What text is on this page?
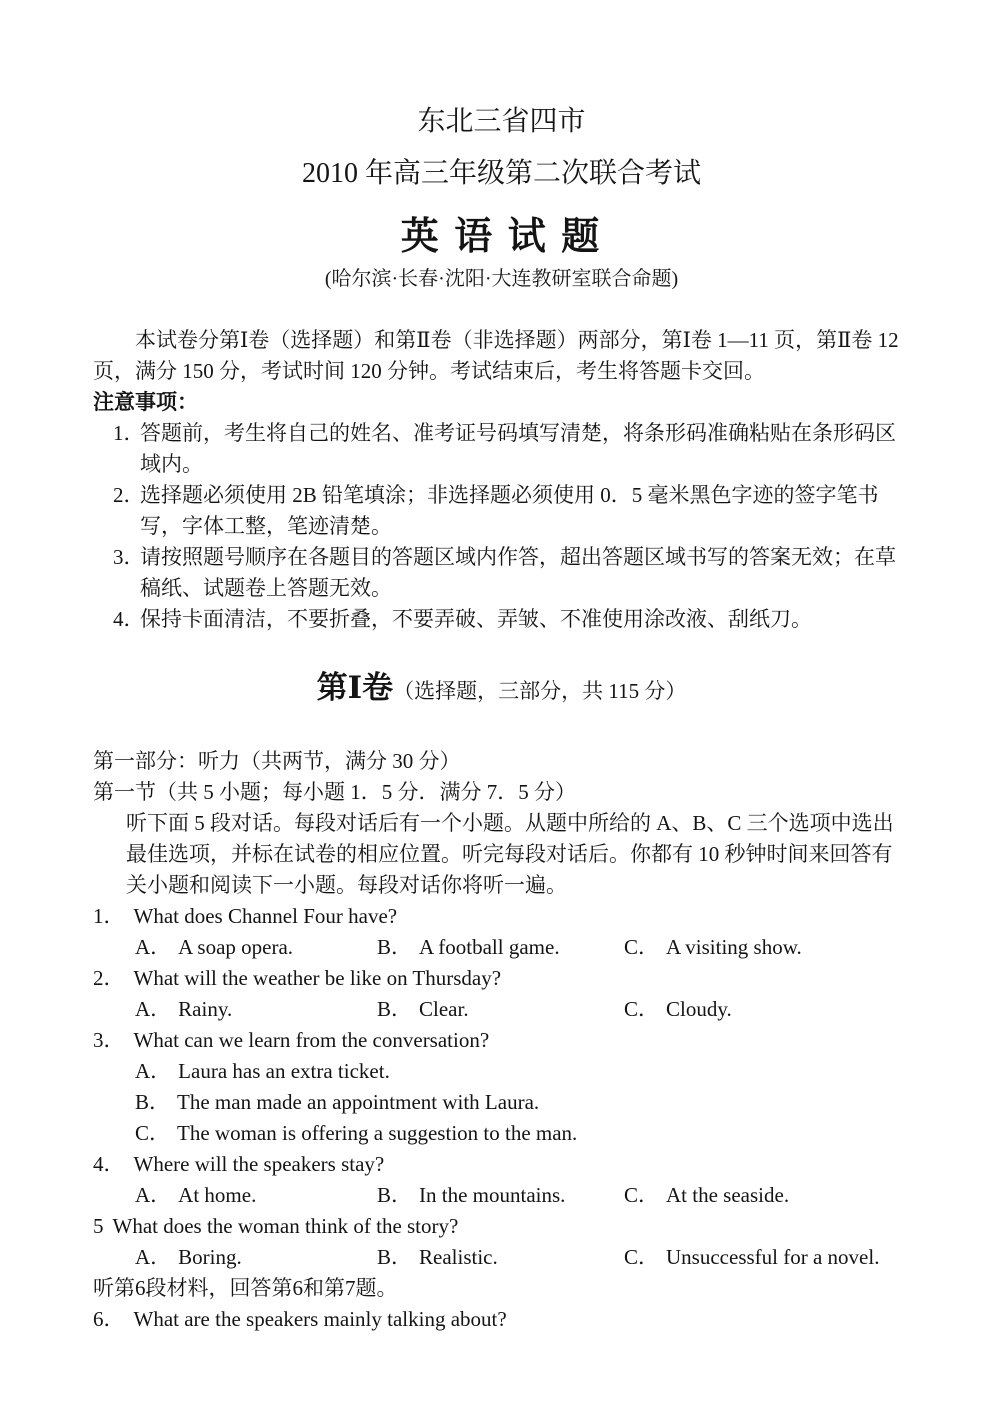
东北三省四市
2010 年高三年级第二次联合考试
英 语 试 题
(哈尔滨·长春·沈阳·大连教研室联合命题)
本试卷分第Ⅰ卷（选择题）和第Ⅱ卷（非选择题）两部分，第Ⅰ卷 1—11 页，第Ⅱ卷 12 页，满分 150 分，考试时间 120 分钟。考试结束后，考生将答题卡交回。
注意事项：
1．
答题前，考生将自己的姓名、准考证号码填写清楚，将条形码准确粘贴在条形码区域内。
2．
选择题必须使用 2B 铅笔填涂；非选择题必须使用 0．5 毫米黑色字迹的签字笔书写，字体工整，笔迹清楚。
3．
请按照题号顺序在各题目的答题区域内作答，超出答题区域书写的答案无效；在草稿纸、试题卷上答题无效。
4．
保持卡面清洁，不要折叠，不要弄破、弄皱、不准使用涂改液、刮纸刀。
第Ⅰ卷（选择题，三部分，共 115 分）
第一部分：听力（共两节，满分 30 分）
第一节（共 5 小题；每小题 1．5 分．满分 7．5 分）
听下面 5 段对话。每段对话后有一个小题。从题中所给的 A、B、C 三个选项中选出最佳选项，并标在试卷的相应位置。听完每段对话后。你都有 10 秒钟时间来回答有关小题和阅读下一小题。每段对话你将听一遍。
1． What does Channel Four have?
A． A soap opera.	B． A football game.	C． A visiting show.
2． What will the weather be like on Thursday?
A． Rainy.	B． Clear.	C． Cloudy.
3． What can we learn from the conversation?
A． Laura has an extra ticket.
B． The man made an appointment with Laura.
C． The woman is offering a suggestion to the man.
4． Where will the speakers stay?
A． At home.	B． In the mountains.	C． At the seaside.
5 What does the woman think of the story?
A． Boring.	B． Realistic.	C． Unsuccessful for a novel.
听第6段材料，回答第6和第7题。
6． What are the speakers mainly talking about?
